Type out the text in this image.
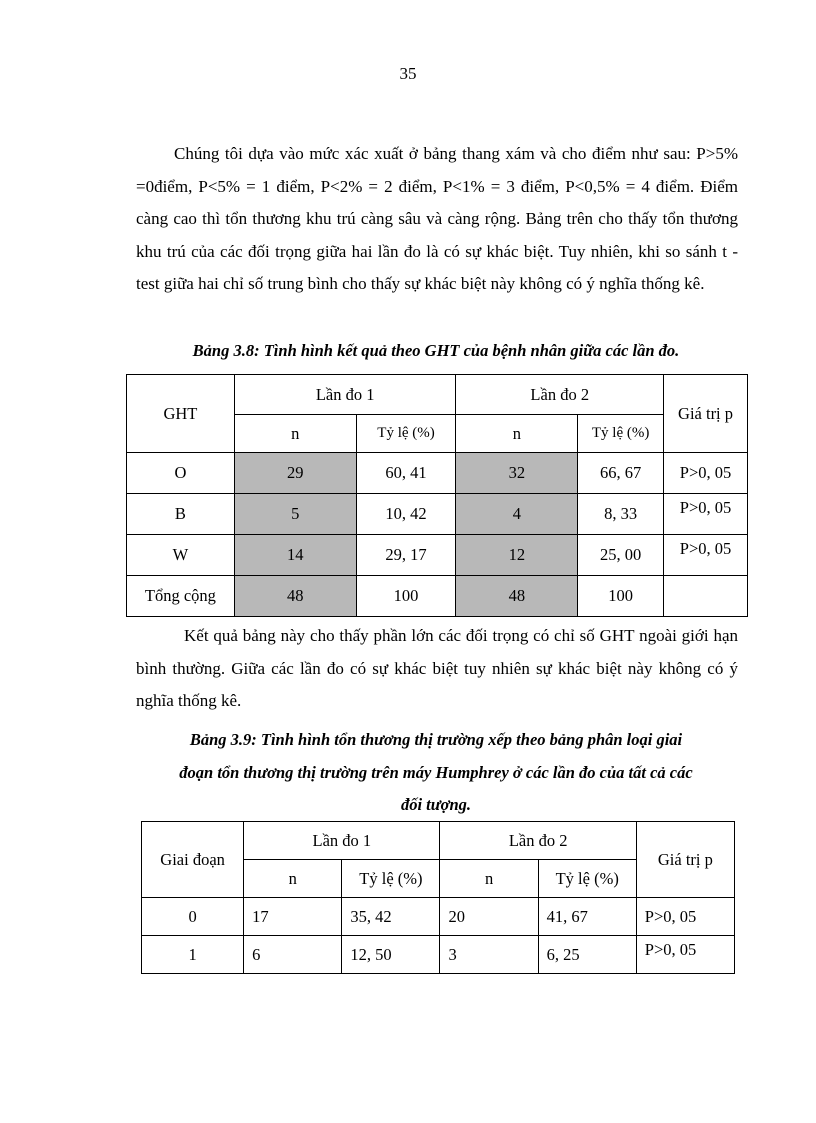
35

Chúng tôi dựa vào mức xác xuất ở bảng thang xám và cho điểm như sau: P>5% =0điểm, P<5% = 1 điểm, P<2% = 2 điểm, P<1% = 3 điểm, P<0,5% = 4 điểm. Điểm càng cao thì tổn thương khu trú càng sâu và càng rộng. Bảng trên cho thấy tổn thương khu trú của các đối trọng giữa hai lần đo là có sự khác biệt. Tuy nhiên, khi so sánh t - test giữa hai chỉ số trung bình cho thấy sự khác biệt này không có ý nghĩa thống kê.

Bảng 3.8: Tình hình kết quả theo GHT của bệnh nhân giữa các lần đo.

GHT	Lần đo 1		Lần đo 2		Giá trị p
	n	Tỷ lệ (%)	n	Tỷ lệ (%)	
O	29	60, 41	32	66, 67	P>0, 05
B	5	10, 42	4	8, 33	P>0, 05
W	14	29, 17	12	25, 00	P>0, 05
Tổng cộng	48	100	48	100	

Kết quả bảng này cho thấy phần lớn các đối trọng có chỉ số GHT ngoài giới hạn bình thường. Giữa các lần đo có sự khác biệt tuy nhiên sự khác biệt này không có ý nghĩa thống kê.

Bảng 3.9: Tình hình tổn thương thị trường xếp theo bảng phân loại giai
đoạn tổn thương thị trường trên máy Humphrey ở các lần đo của tất cả các
đối tượng.
Giai đoạn	Lần đo 1		Lần đo 2		Giá trị p
	n	Tỷ lệ (%)	n	Tỷ lệ (%)	
0	17	35, 42	20	41, 67	P>0, 05
1	6	12, 50	3	6, 25	P>0, 05
